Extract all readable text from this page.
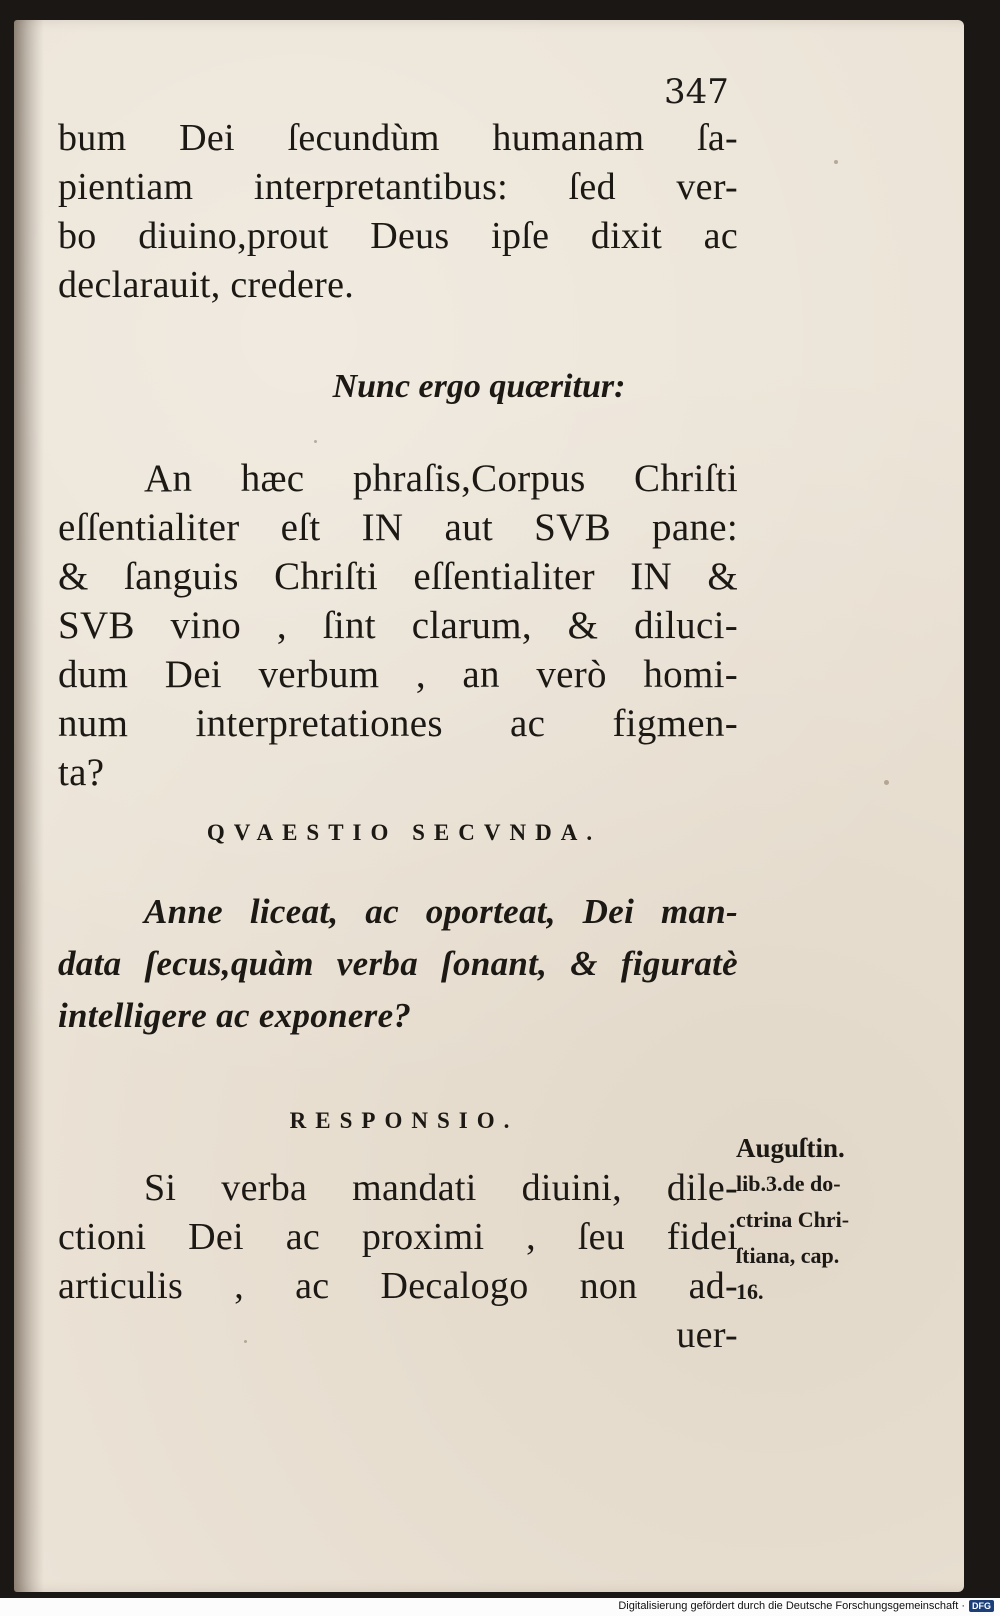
347
bum Dei ſecundùm humanam ſa-
pientiam interpretantibus: ſed ver-
bo diuino,prout Deus ipſe dixit ac
declarauit, credere.
Nunc ergo quæritur:
An hæc phraſis,Corpus Chriſti
eſſentialiter eſt IN aut SVB pane:
& ſanguis Chriſti eſſentialiter IN &
SVB vino , ſint clarum, & diluci-
dum Dei verbum , an verò homi-
num interpretationes ac figmen-
ta?
QVAESTIO SECVNDA.
Anne liceat, ac oporteat, Dei man-
data ſecus,quàm verba ſonant, & figuratè
intelligere ac exponere?
RESPONSIO.
Si verba mandati diuini, dile-
ctioni Dei ac proximi , ſeu fidei
articulis , ac Decalogo non ad-
uer-
Auguſtin.
lib.3.de do-
ctrina Chri-
ſtiana, cap.
16.
Digitalisierung gefördert durch die Deutsche Forschungsgemeinschaft · DFG
